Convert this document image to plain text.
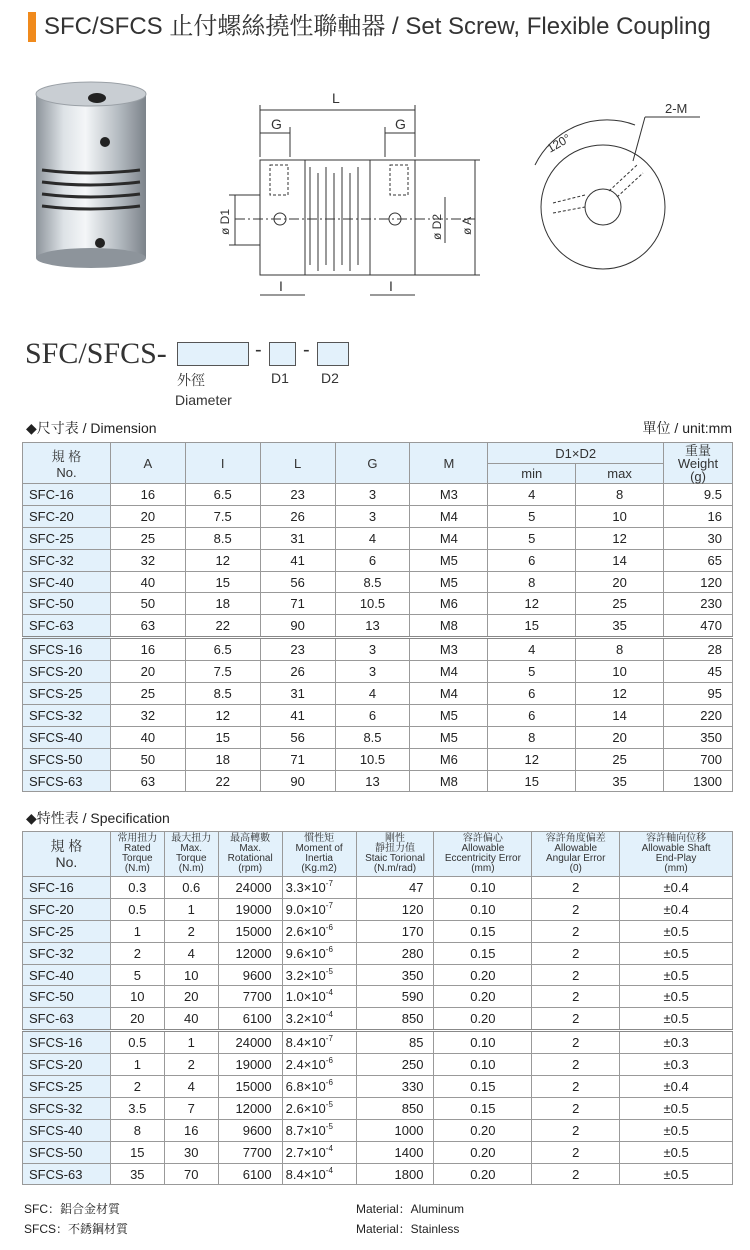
SFC/SFCS 止付螺絲撓性聯軸器 / Set Screw, Flexible Coupling
L
G	G
ø D1	ø D2 ø A
I	I
120°
2-M
SFC/SFCS-	- -
外徑
Diameter
D1 D2
◆尺寸表 / Dimension	單位 / unit:mm
規 格
No.	A	I	L	G	M	D1×D2		重量
Weight
(g)
						min	max	
SFC-16	16	6.5	23	3	M3	4	8	9.5
SFC-20	20	7.5	26	3	M4	5	10	16
SFC-25	25	8.5	31	4	M4	5	12	30
SFC-32	32	12	41	6	M5	6	14	65
SFC-40	40	15	56	8.5	M5	8	20	120
SFC-50	50	18	71	10.5	M6	12	25	230
SFC-63	63	22	90	13	M8	15	35	470
SFCS-16	16	6.5	23	3	M3	4	8	28
SFCS-20	20	7.5	26	3	M4	5	10	45
SFCS-25	25	8.5	31	4	M4	6	12	95
SFCS-32	32	12	41	6	M5	6	14	220
SFCS-40	40	15	56	8.5	M5	8	20	350
SFCS-50	50	18	71	10.5	M6	12	25	700
SFCS-63	63	22	90	13	M8	15	35	1300
◆特性表 / Specification
規 格
No.	常用扭力
Rated
Torque
(N.m)	最大扭力
Max.
Torque
(N.m)	最高轉數
Max.
Rotational
(rpm)	慣性矩
Moment of
Inertia
(Kg.m2)	剛性
靜扭力值
Staic Torional
(N.m/rad)	容許偏心
Allowable
Eccentricity Error
(mm)	容許角度偏差
Allowable
Angular Error
(0)	容許軸向位移
Allowable Shaft
End-Play
(mm)
SFC-16	0.3	0.6	24000	$3.3\times 10^{-7}$	47	0.10	2	±0.4
SFC-20	0.5	1	19000	$9.0\times 10^{-7}$	120	0.10	2	±0.4
SFC-25	1	2	15000	$2.6\times 10^{-6}$	170	0.15	2	±0.5
SFC-32	2	4	12000	$9.6\times 10^{-6}$	280	0.15	2	±0.5
SFC-40	5	10	9600	$3.2\times 10^{-5}$	350	0.20	2	±0.5
SFC-50	10	20	7700	$1.0\times 10^{-4}$	590	0.20	2	±0.5
SFC-63	20	40	6100	$3.2\times 10^{-4}$	850	0.20	2	±0.5
SFCS-16	0.5	1	24000	$8.4\times 10^{-7}$	85	0.10	2	±0.3
SFCS-20	1	2	19000	$2.4\times 10^{-6}$	250	0.10	2	±0.3
SFCS-25	2	4	15000	$6.8\times 10^{-6}$	330	0.15	2	±0.4
SFCS-32	3.5	7	12000	$2.6\times 10^{-5}$	850	0.15	2	±0.5
SFCS-40	8	16	9600	$8.7\times 10^{-5}$	1000	0.20	2	±0.5
SFCS-50	15	30	7700	$2.7\times 10^{-4}$	1400	0.20	2	±0.5
SFCS-63	35	70	6100	$8.4\times 10^{-4}$	1800	0.20	2	±0.5
SFC：鋁合金材質
SFCS：不銹鋼材質
Material：Aluminum
Material：Stainless
